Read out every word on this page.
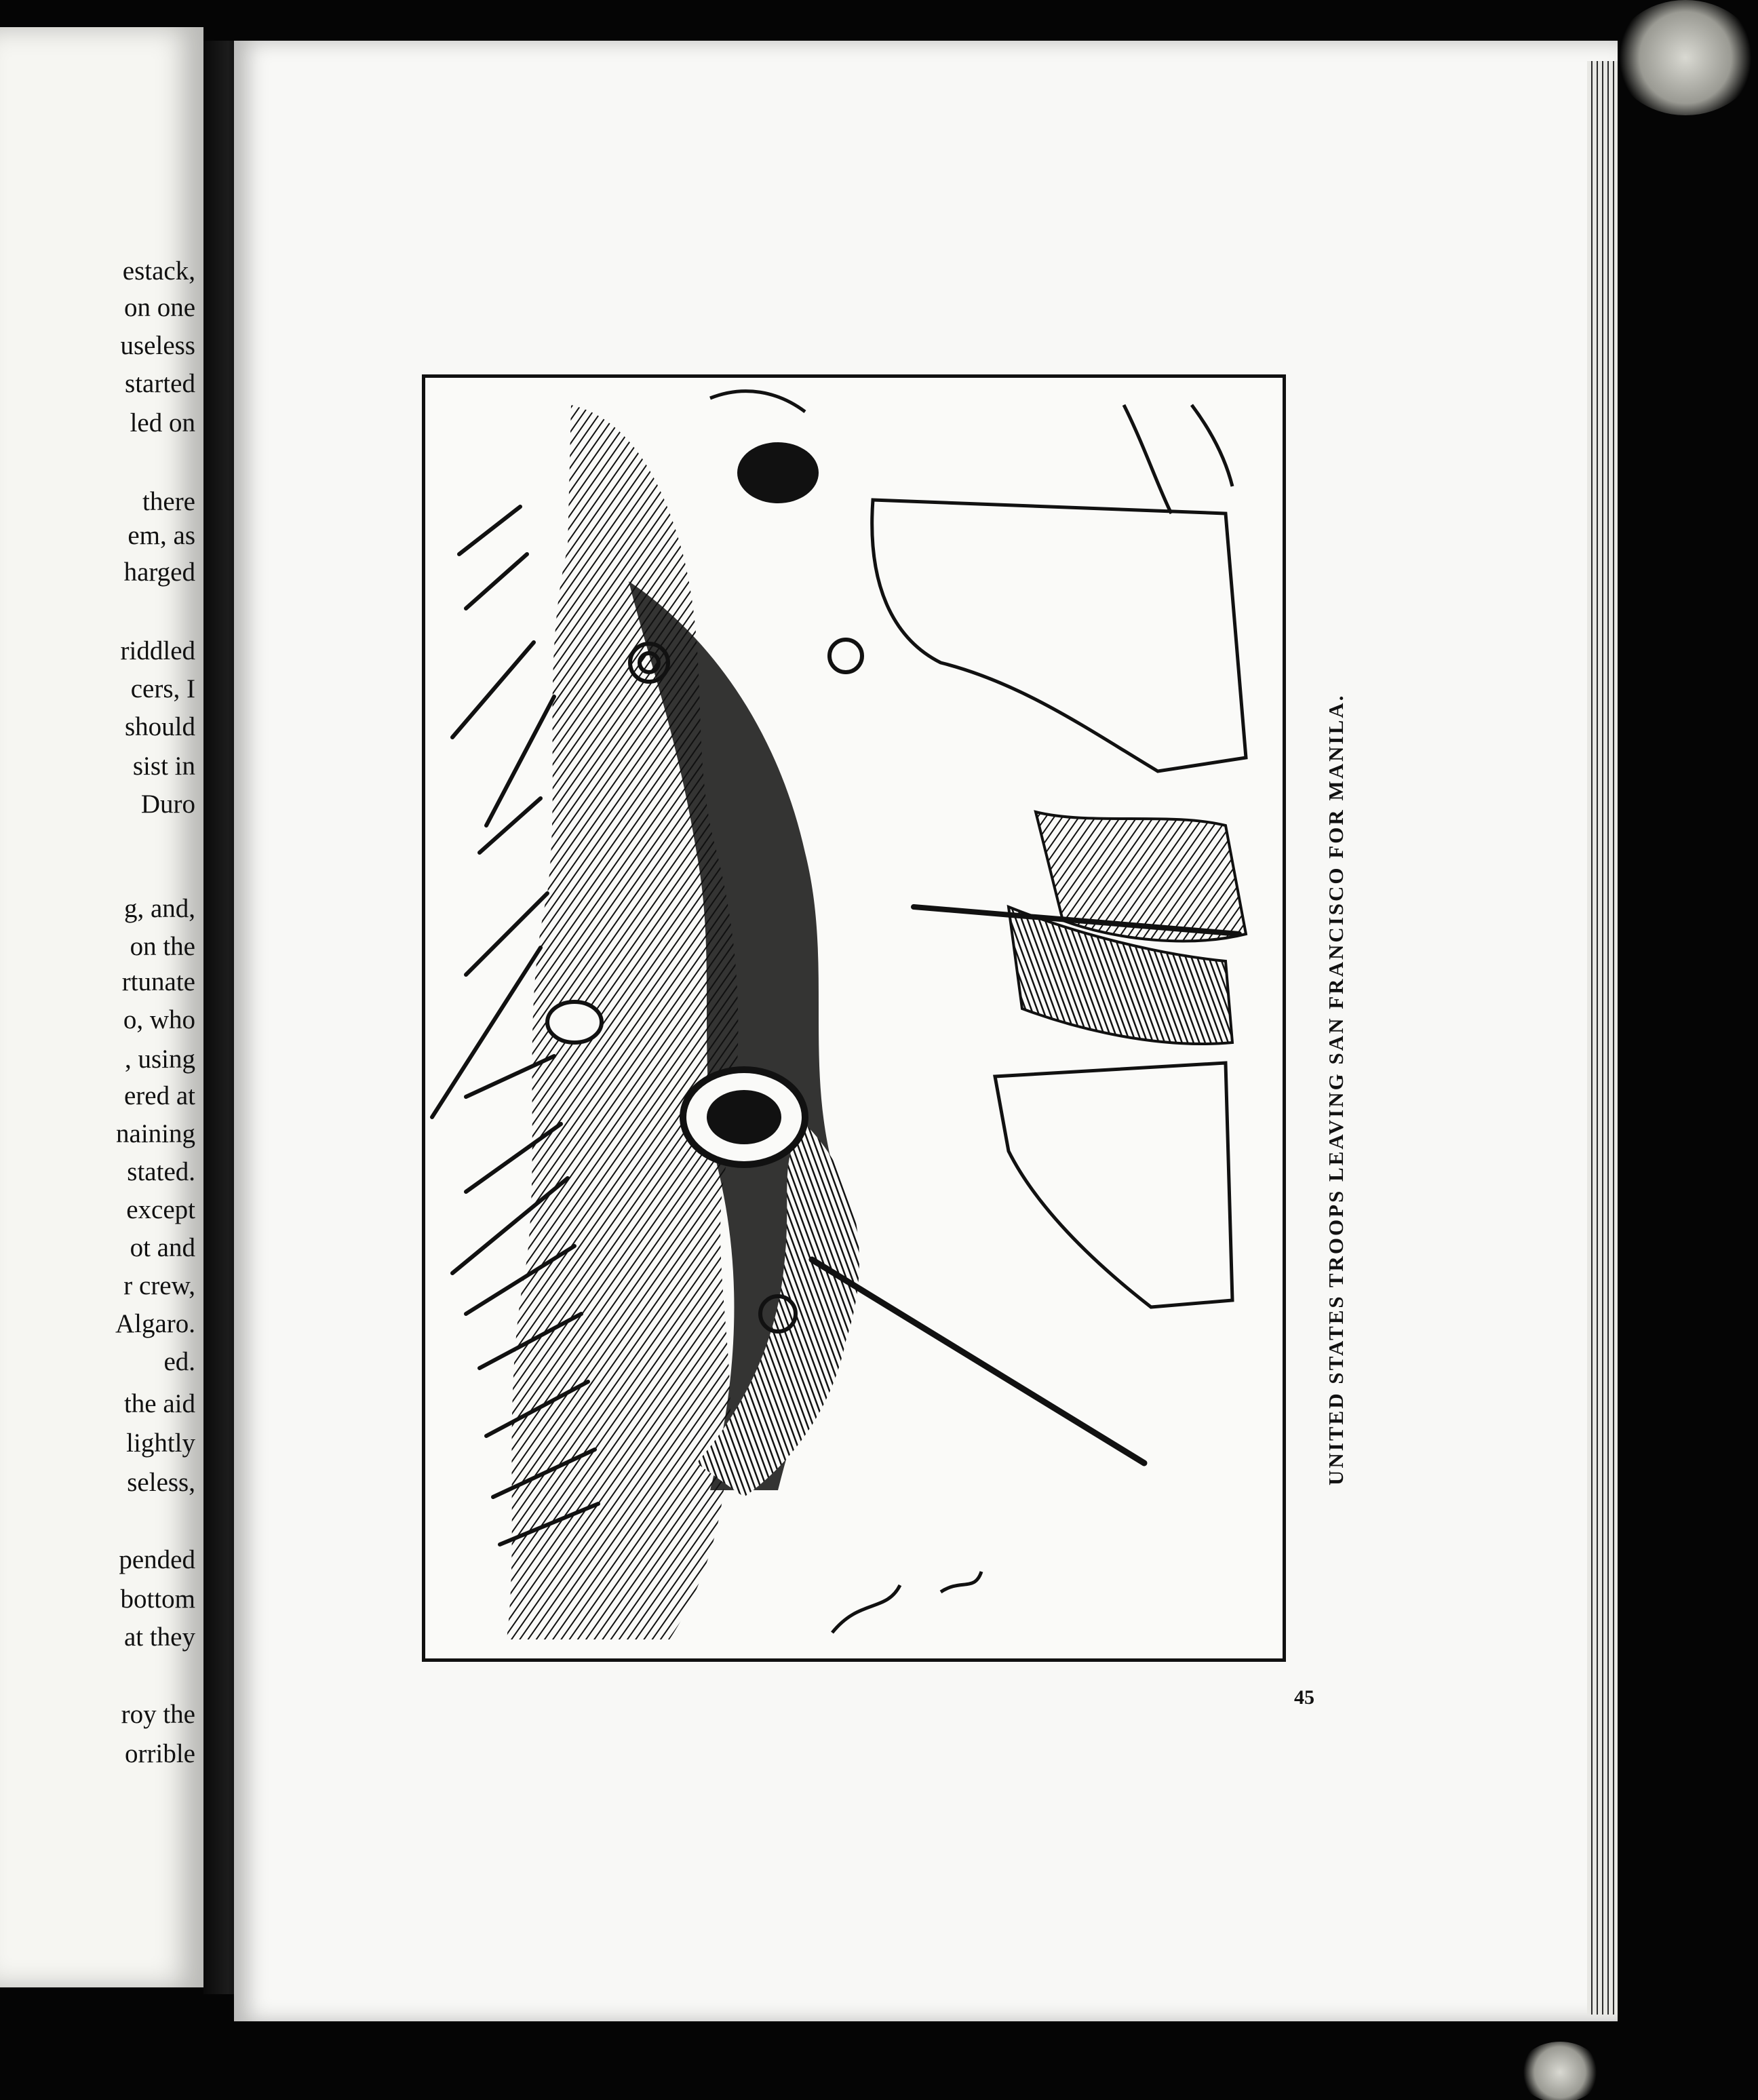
estack,

on one

useless

started

led on

there

em, as

harged

riddled

cers, I

should

sist in

Duro

g, and,

on the

rtunate

o, who

, using

ered at

naining

stated.

except

ot and

r crew,

Algaro.

ed.

the aid

lightly

seless,

pended

bottom

at they

roy the

orrible

UNITED STATES TROOPS LEAVING SAN FRANCISCO FOR MANILA.

45
